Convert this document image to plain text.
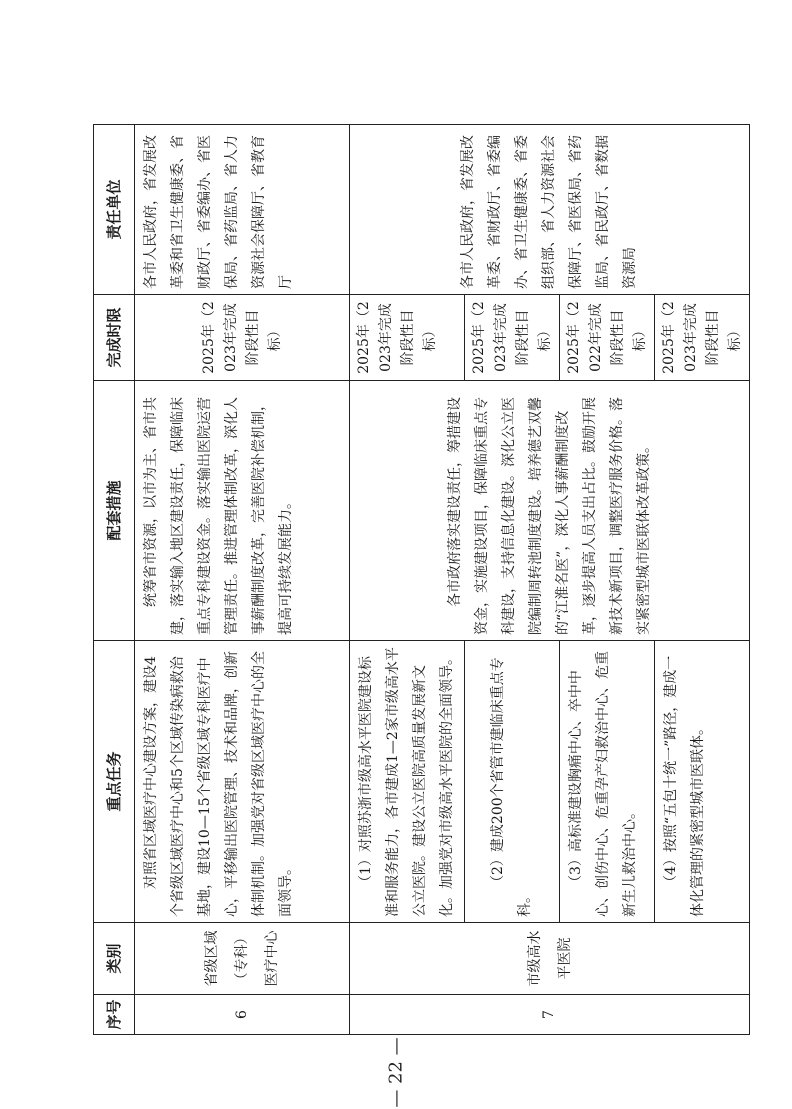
序号	类别	重点任务	配套措施	完成时限	责任单位
6	省级区域（专科）医疗中心	对照省区域医疗中心建设方案，建设4个省级区域医疗中心和5个区域传染病救治基地，建设10—15个省级区域专科医疗中心，平移输出医院管理、技术和品牌，创新体制机制。加强党对省级区域医疗中心的全面领导。	统筹省市资源，以市为主、省市共建，落实输入地区建设责任，保障临床重点专科建设资金。落实输出医院运营管理责任。推进管理体制改革，深化人事薪酬制度改革，完善医院补偿机制，提高可持续发展能力。	2025年（2023年完成阶段性目标）	各市人民政府，省发展改革委和省卫生健康委、省财政厅、省委编办、省医保局、省药监局、省人力资源社会保障厅、省教育厅
7	市级高水平医院	（1）对照苏浙市级高水平医院建设标准和服务能力，各市建成1—2家市级高水平公立医院。建设公立医院高质量发展新文化。加强党对市级高水平医院的全面领导。	各市政府落实建设责任，筹措建设资金，实施建设项目，保障临床重点专科建设，支持信息化建设。深化公立医院编制周转池制度建设。培养德艺双馨的“江淮名医”，深化人事薪酬制度改革，逐步提高人员支出占比。鼓励开展新技术新项目，调整医疗服务价格。落实紧密型城市医联体改革政策。	2025年（2023年完成阶段性目标）	各市人民政府，省发展改革委、省财政厅、省委编办、省卫生健康委、省委组织部、省人力资源社会保障厅、省医保局、省药监局、省民政厅、省数据资源局
		（2）建成200个省管市建临床重点专科。		2025年（2023年完成阶段性目标）	
		（3）高标准建设胸痛中心、卒中中心、创伤中心、危重孕产妇救治中心、危重新生儿救治中心。		2025年（2022年完成阶段性目标）	
		（4）按照“五包十统一”路径，建成一体化管理的紧密型城市医联体。		2025年（2023年完成阶段性目标）	
— 22 —
